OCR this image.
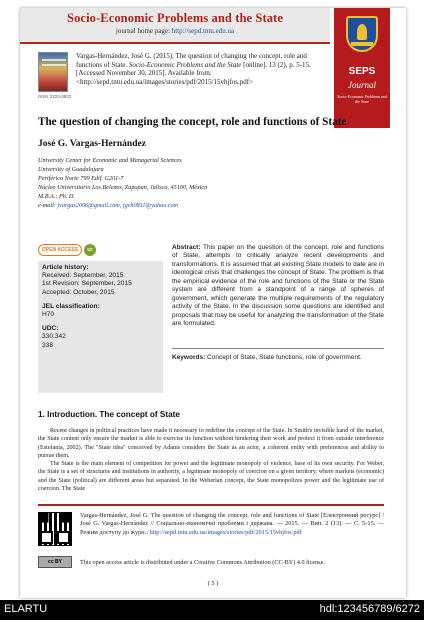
Socio-Economic Problems and the State
journal home page: http://sepd.tntu.edu.ua
ISSN 2223-3822
Vargas-Hernández, José G. (2015). The question of changing the concept, role and functions of State. Socio-Economic Problems and the State [online]. 13 (2), p. 5-15. [Accessed November 30, 2015]. Available from: <http://sepd.tntu.edu.ua/images/stories/pdf/2015/15vhjfos.pdf>
SEPS
Journal
Socio-Economic Problems and the State
The question of changing the concept, role and functions of State
José G. Vargas-Hernández
University Center for Economic and Managerial Sciences
University of Guadalajara
Periférico Norte 799 Edif. G201-7
Núcleo Universitario Los Belenes, Zapopan, Jalisco, 45100, México
M.B.A.; Ph. D.
e-mail: jvargas2006@gmail.com, jgvh0811@yahoo.com
OPEN ACCESS	cc
Article history:
Received: September, 2015
1st Revision: September, 2015
Accepted: October, 2015
JEL classification:
H70
UDC:
330.342
338
Abstract: This paper on the question of the concept, role and functions of State, attempts to critically analyze recent developments and transformations. It is assumed that all existing State models to date are in ideological crisis that challenges the concept of State. The problem is that the empirical evidence of the role and functions of the State or the State system are different from a standpoint of a range of spheres of government, which generate the multiple requirements of the regulatory activity of the State. In the discussion some questions are identified and proposals that may be useful for analyzing the transformation of the State are formulated.
Keywords: Concept of State, State functions, role of government.
1. Introduction. The concept of State

Recent changes in political practices have made it necessary to redefine the concept of the State. In Smith's invisible hand of the market, the State content only ensure the market is able to exercise its function without hindering their work and protect it from outside interference (Estefanía, 2002). The "State idea" conceived by Adams considers the State as an actor, a coherent entity with preferences and ability to pursue them.

The State is the main element of competition for power and the legitimate monopoly of violence, base of its own security. For Weber, the State is a set of structures and institutions in authority, a legitimate monopoly of coercion on a given territory, where markets (economic) and the State (political) are different areas but separated. In the Weberian concept, the State monopolizes power and the legitimate use of coercion. The State

Vargas-Hernández, José G. The question of changing the concept, role and functions of State [Електронний ресурс] / José G. Vargas-Hernández // Соціально-економічні проблеми і держава. — 2015. — Вип. 2 (13). — С. 5-15. — Режим доступу до журн.: http://sepd.tntu.edu.ua/images/stories/pdf/2015/15vhjfos.pdf
cc BY	This open access article is distributed under a Creative Commons Attribution (CC-BY) 4.0 license.
( 5 )
ELARTU	hdl:123456789/6272
